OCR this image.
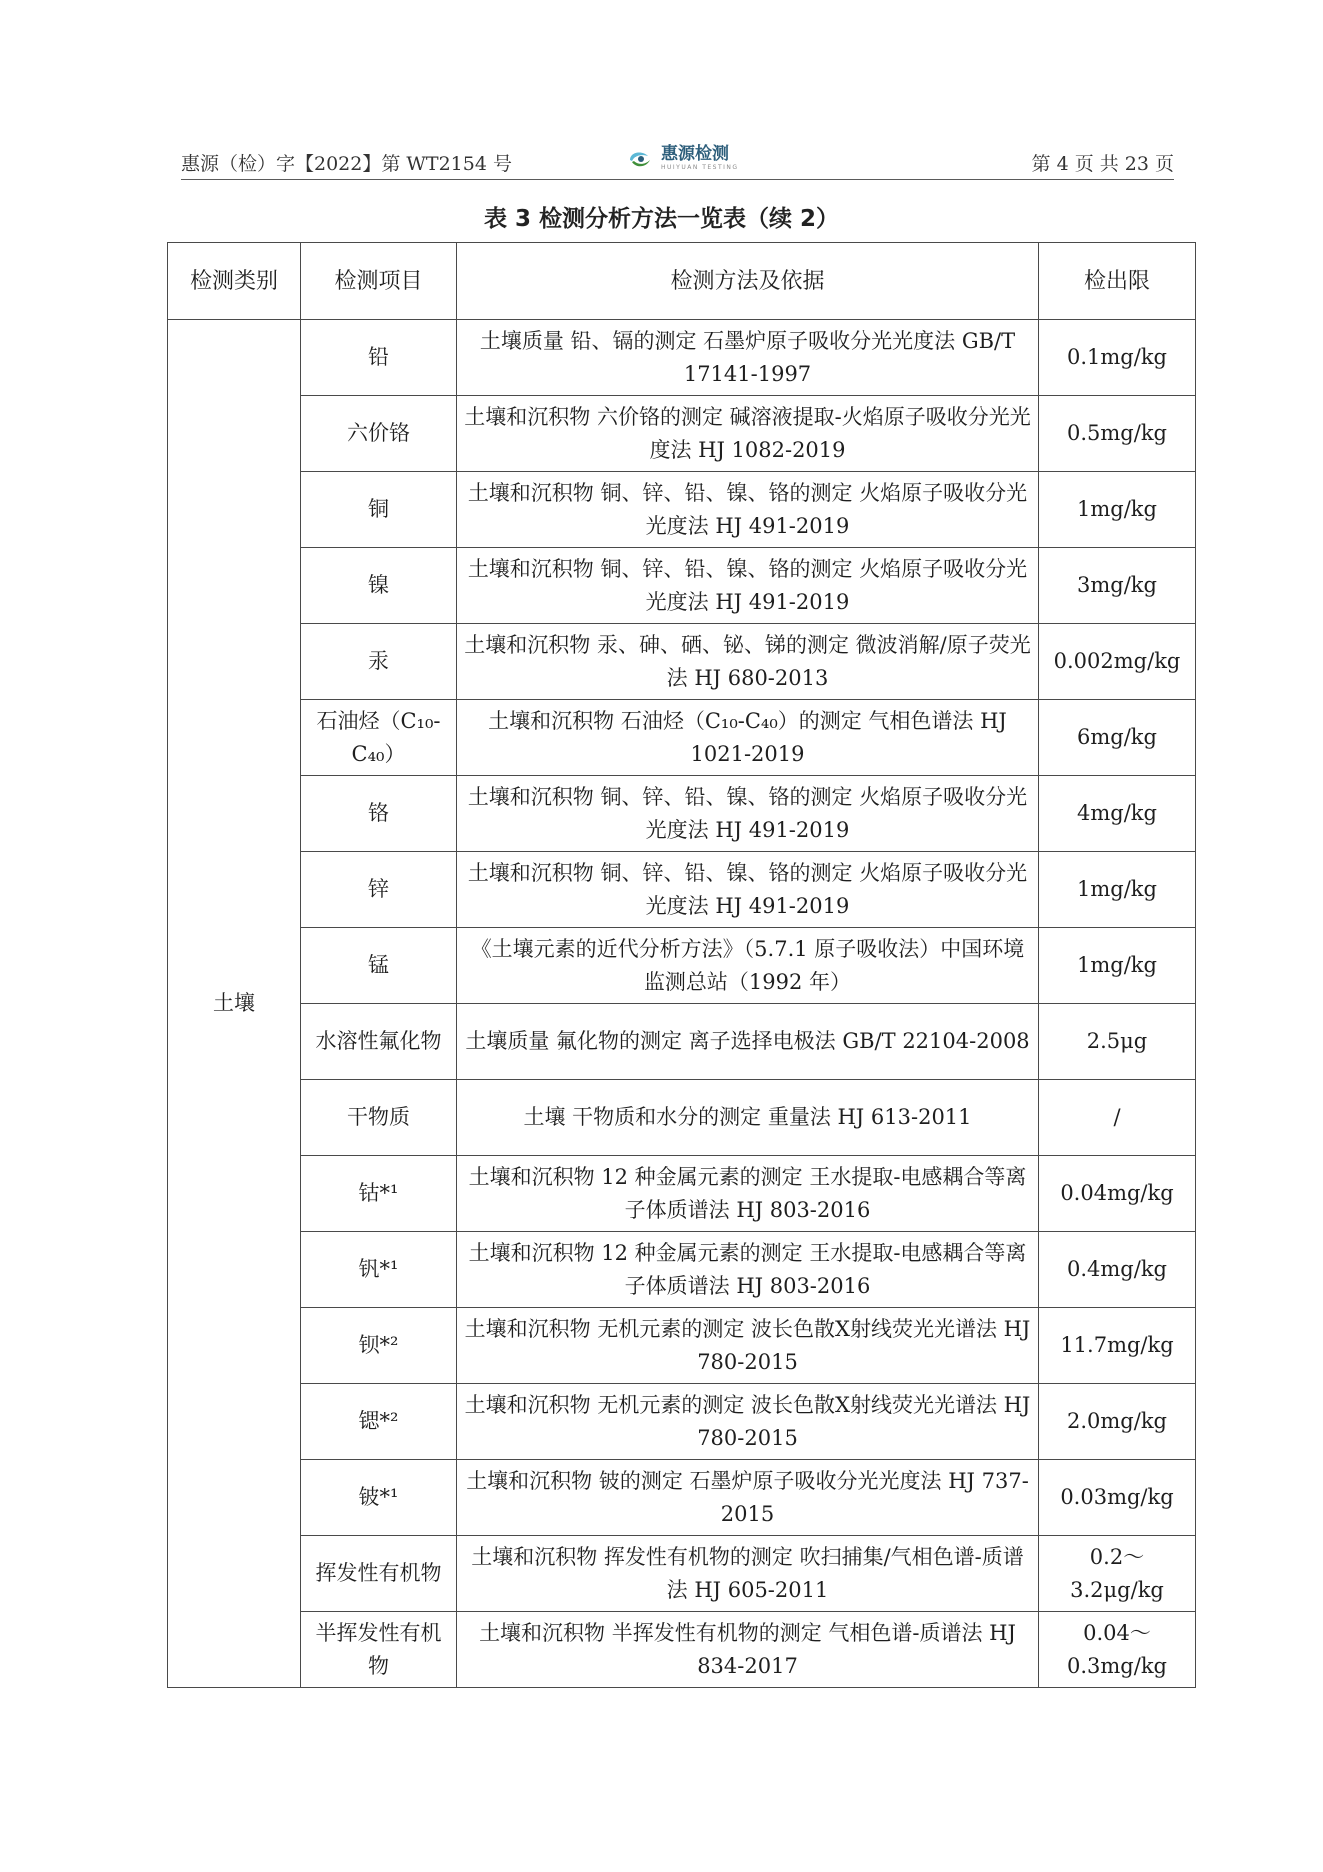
惠源（检）字【2022】第 WT2154 号	惠源检测
HUIYUAN TESTING	第 4 页 共 23 页
表 3 检测分析方法一览表（续 2）
检测类别	检测项目	检测方法及依据	检出限
土壤	铅	土壤质量 铅、镉的测定 石墨炉原子吸收分光光度法 GB/T 17141-1997	0.1mg/kg
	六价铬	土壤和沉积物 六价铬的测定 碱溶液提取-火焰原子吸收分光光度法 HJ 1082-2019	0.5mg/kg
	铜	土壤和沉积物 铜、锌、铅、镍、铬的测定 火焰原子吸收分光光度法 HJ 491-2019	1mg/kg
	镍	土壤和沉积物 铜、锌、铅、镍、铬的测定 火焰原子吸收分光光度法 HJ 491-2019	3mg/kg
	汞	土壤和沉积物 汞、砷、硒、铋、锑的测定 微波消解/原子荧光法 HJ 680-2013	0.002mg/kg
	石油烃（C₁₀-C₄₀）	土壤和沉积物 石油烃（C₁₀-C₄₀）的测定 气相色谱法 HJ 1021-2019	6mg/kg
	铬	土壤和沉积物 铜、锌、铅、镍、铬的测定 火焰原子吸收分光光度法 HJ 491-2019	4mg/kg
	锌	土壤和沉积物 铜、锌、铅、镍、铬的测定 火焰原子吸收分光光度法 HJ 491-2019	1mg/kg
	锰	《土壤元素的近代分析方法》（5.7.1 原子吸收法）中国环境监测总站（1992 年）	1mg/kg
	水溶性氟化物	土壤质量 氟化物的测定 离子选择电极法 GB/T 22104-2008	2.5μg
	干物质	土壤 干物质和水分的测定 重量法 HJ 613-2011	/
	钴*¹	土壤和沉积物 12 种金属元素的测定 王水提取-电感耦合等离子体质谱法 HJ 803-2016	0.04mg/kg
	钒*¹	土壤和沉积物 12 种金属元素的测定 王水提取-电感耦合等离子体质谱法 HJ 803-2016	0.4mg/kg
	钡*²	土壤和沉积物 无机元素的测定 波长色散X射线荧光光谱法 HJ 780-2015	11.7mg/kg
	锶*²	土壤和沉积物 无机元素的测定 波长色散X射线荧光光谱法 HJ 780-2015	2.0mg/kg
	铍*¹	土壤和沉积物 铍的测定 石墨炉原子吸收分光光度法 HJ 737-2015	0.03mg/kg
	挥发性有机物	土壤和沉积物 挥发性有机物的测定 吹扫捕集/气相色谱-质谱法 HJ 605-2011	0.2～3.2μg/kg
	半挥发性有机物	土壤和沉积物 半挥发性有机物的测定 气相色谱-质谱法 HJ 834-2017	0.04～0.3mg/kg
